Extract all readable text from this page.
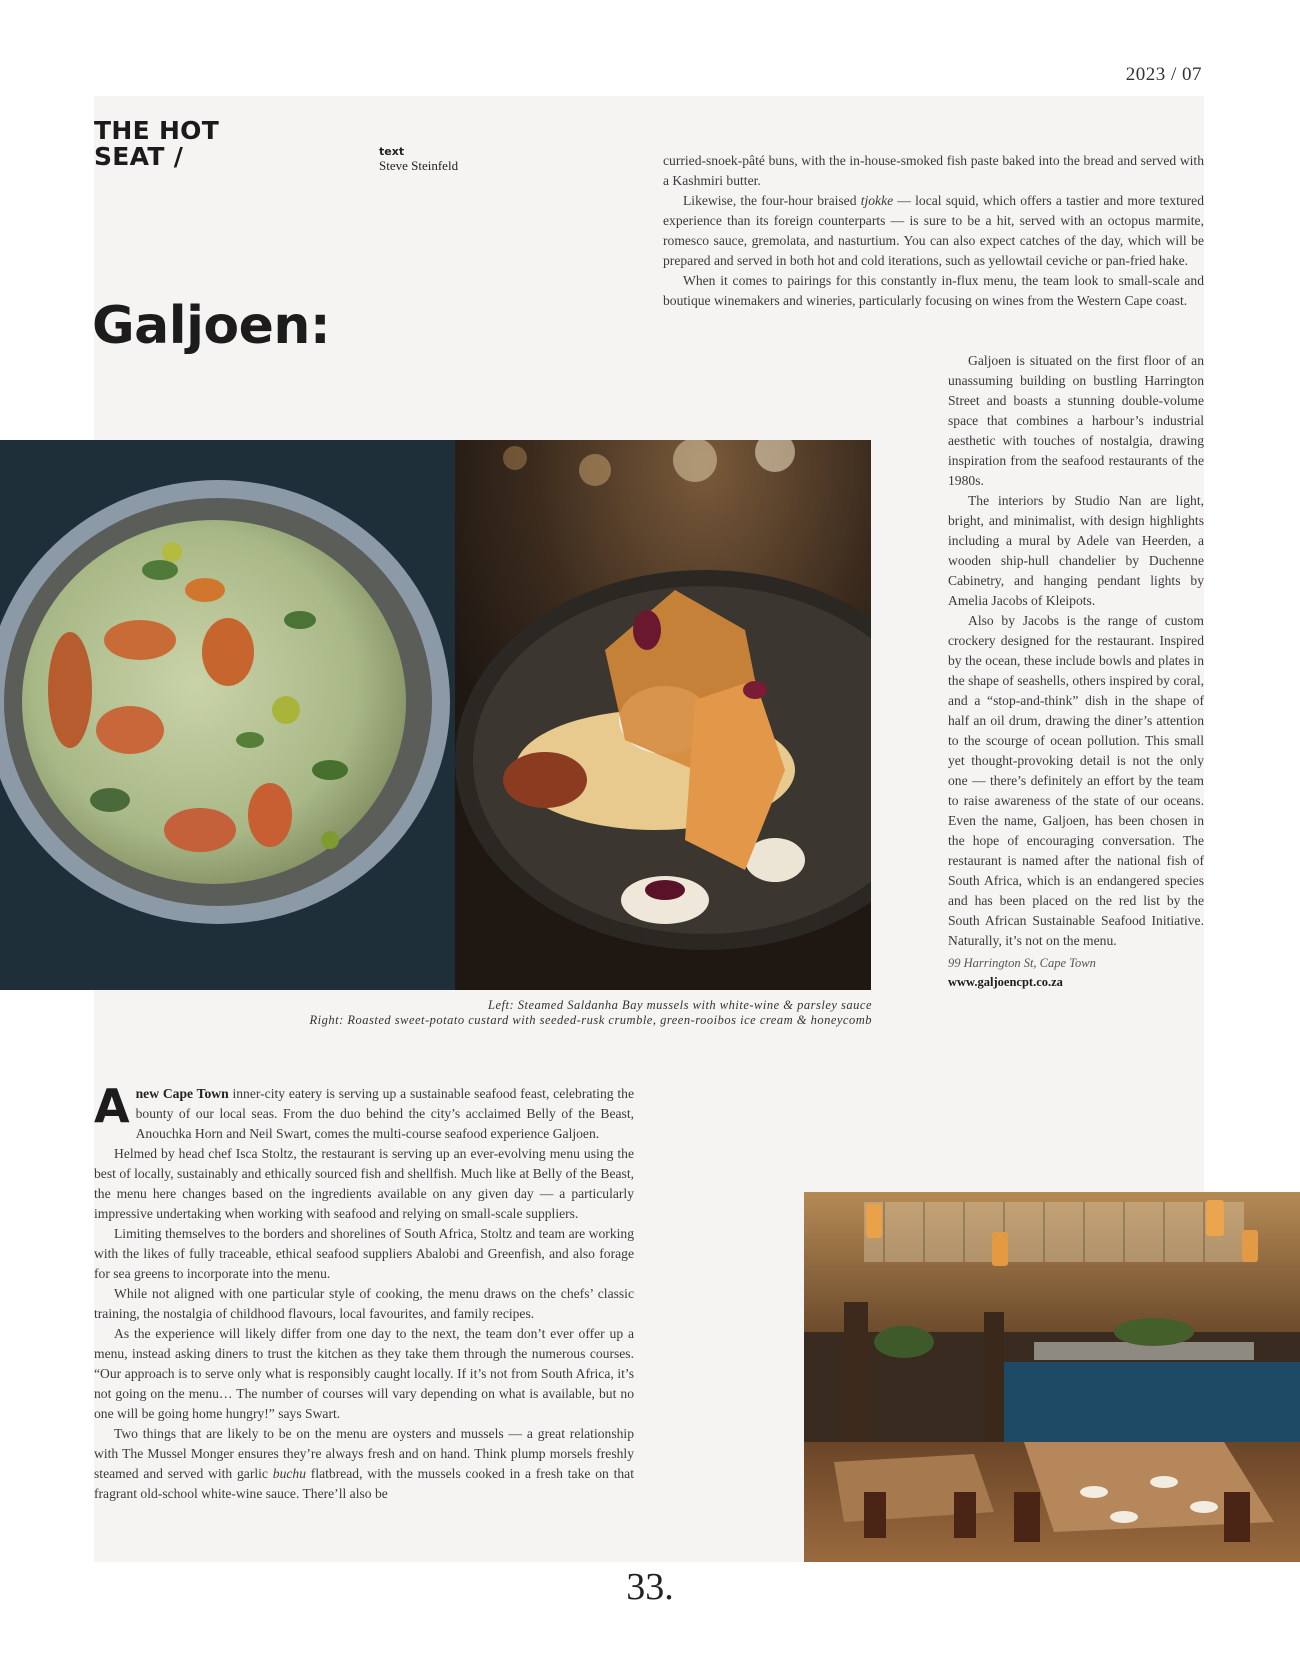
2023 / 07
THE HOT
SEAT /	text
Steve Steinfeld
Galjoen:

curried-snoek-pâté buns, with the in-house-smoked fish paste baked into the bread and served with a Kashmiri butter.

Likewise, the four-hour braised tjokke — local squid, which offers a tastier and more textured experience than its foreign counterparts — is sure to be a hit, served with an octopus marmite, romesco sauce, gremolata, and nasturtium. You can also expect catches of the day, which will be prepared and served in both hot and cold iterations, such as yellowtail ceviche or pan-fried hake.

When it comes to pairings for this constantly in-flux menu, the team look to small-scale and boutique winemakers and wineries, particularly focusing on wines from the Western Cape coast.

Galjoen is situated on the first floor of an unassuming building on bustling Harrington Street and boasts a stunning double-volume space that combines a harbour’s industrial aesthetic with touches of nostalgia, drawing inspiration from the seafood restaurants of the 1980s.

The interiors by Studio Nan are light, bright, and minimalist, with design highlights including a mural by Adele van Heerden, a wooden ship-hull chandelier by Duchenne Cabinetry, and hanging pendant lights by Amelia Jacobs of Kleipots.

Also by Jacobs is the range of custom crockery designed for the restaurant. Inspired by the ocean, these include bowls and plates in the shape of seashells, others inspired by coral, and a “stop-and-think” dish in the shape of half an oil drum, drawing the diner’s attention to the scourge of ocean pollution. This small yet thought-provoking detail is not the only one — there’s definitely an effort by the team to raise awareness of the state of our oceans. Even the name, Galjoen, has been chosen in the hope of encouraging conversation. The restaurant is named after the national fish of South Africa, which is an endangered species and has been placed on the red list by the South African Sustainable Seafood Initiative. Naturally, it’s not on the menu.

99 Harrington St, Cape Town
www.galjoencpt.co.za
Left: Steamed Saldanha Bay mussels with white-wine & parsley sauce
Right: Roasted sweet-potato custard with seeded-rusk crumble, green-rooibos ice cream & honeycomb

Anew Cape Town inner-city eatery is serving up a sustainable seafood feast, celebrating the bounty of our local seas. From the duo behind the city’s acclaimed Belly of the Beast, Anouchka Horn and Neil Swart, comes the multi-course seafood experience Galjoen.

Helmed by head chef Isca Stoltz, the restaurant is serving up an ever-evolving menu using the best of locally, sustainably and ethically sourced fish and shellfish. Much like at Belly of the Beast, the menu here changes based on the ingredients available on any given day — a particularly impressive undertaking when working with seafood and relying on small-scale suppliers.

Limiting themselves to the borders and shorelines of South Africa, Stoltz and team are working with the likes of fully traceable, ethical seafood suppliers Abalobi and Greenfish, and also forage for sea greens to incorporate into the menu.

While not aligned with one particular style of cooking, the menu draws on the chefs’ classic training, the nostalgia of childhood flavours, local favourites, and family recipes.

As the experience will likely differ from one day to the next, the team don’t ever offer up a menu, instead asking diners to trust the kitchen as they take them through the numerous courses. “Our approach is to serve only what is responsibly caught locally. If it’s not from South Africa, it’s not going on the menu… The number of courses will vary depending on what is available, but no one will be going home hungry!” says Swart.

Two things that are likely to be on the menu are oysters and mussels — a great relationship with The Mussel Monger ensures they’re always fresh and on hand. Think plump morsels freshly steamed and served with garlic buchu flatbread, with the mussels cooked in a fresh take on that fragrant old-school white-wine sauce. There’ll also be

33.
